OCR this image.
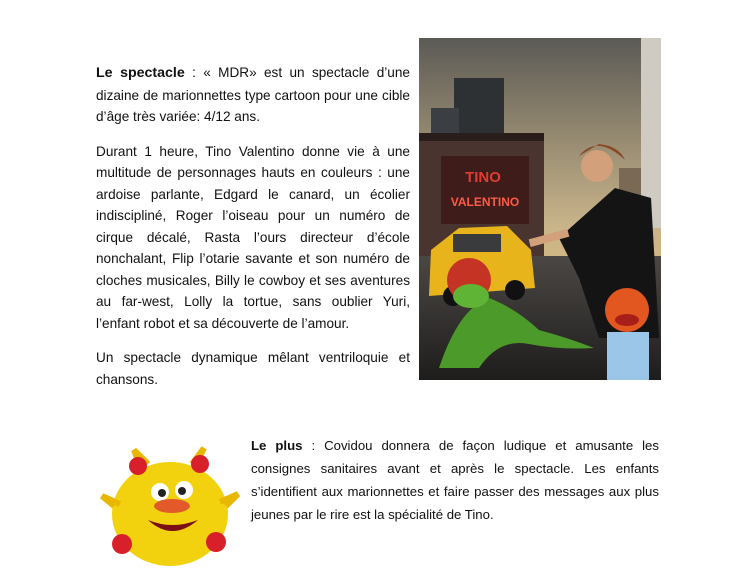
Le spectacle : « MDR» est un spectacle d’une dizaine de marionnettes type cartoon pour une cible d’âge très variée: 4/12 ans.

Durant 1 heure, Tino Valentino donne vie à une multitude de personnages hauts en couleurs : une ardoise parlante, Edgard le canard, un écolier indiscipliné, Roger l’oiseau pour un numéro de cirque décalé, Rasta l’ours directeur d’école nonchalant, Flip l’otarie savante et son numéro de cloches musicales, Billy le cowboy et ses aventures au far-west, Lolly la tortue, sans oublier Yuri, l’enfant robot et sa découverte de l’amour.

Un spectacle dynamique mêlant ventriloquie et chansons.

TINO
VALENTINO
Le plus : Covidou donnera de façon ludique et amusante les consignes sanitaires avant et après le spectacle. Les enfants s’identifient aux marionnettes et faire passer des messages aux plus jeunes par le rire est la spécialité de Tino.
